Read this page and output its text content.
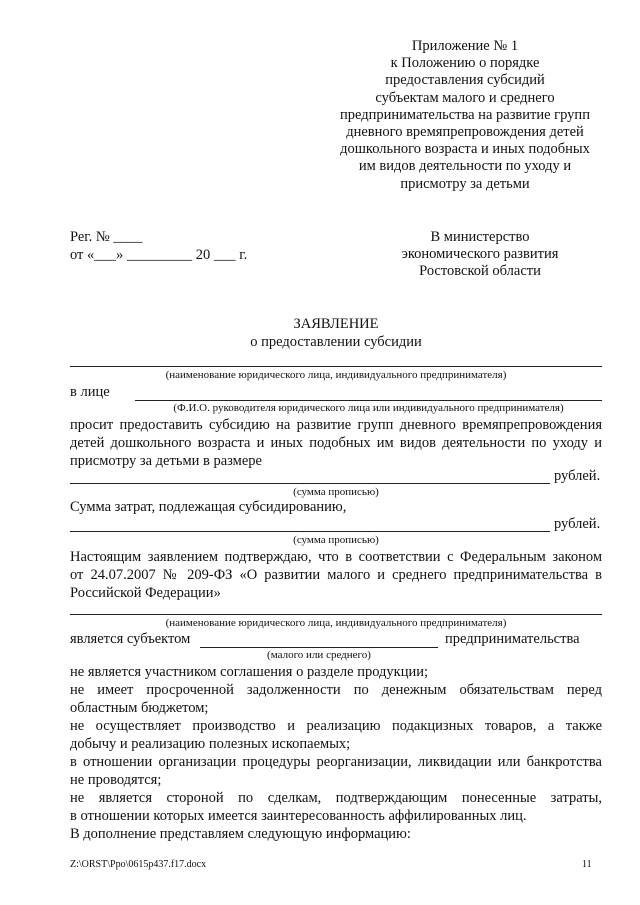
Приложение № 1
к Положению о порядке
предоставления субсидий
субъектам малого и среднего
предпринимательства на развитие групп
дневного времяпрепровождения детей
дошкольного возраста и иных подобных
им видов деятельности по уходу и
присмотру за детьми
Рег. № ____
от «___» _________ 20 ___ г.
В министерство
экономического развития
Ростовской области
ЗАЯВЛЕНИЕ
о предоставлении субсидии
(наименование юридического лица, индивидуального предпринимателя)
в лице
(Ф.И.О. руководителя юридического лица или индивидуального предпринимателя)
просит предоставить субсидию на развитие групп дневного времяпрепровождения
детей дошкольного возраста и иных подобных им видов деятельности по уходу и
присмотру за детьми в размере
рублей.
(сумма прописью)
Сумма затрат, подлежащая субсидированию,
рублей.
(сумма прописью)
Настоящим заявлением подтверждаю, что в соответствии с Федеральным законом
от 24.07.2007 № 209-ФЗ «О развитии малого и среднего предпринимательства в
Российской Федерации»
(наименование юридического лица, индивидуального предпринимателя)
является субъектом	предпринимательства
(малого или среднего)
не является участником соглашения о разделе продукции;
не имеет просроченной задолженности по денежным обязательствам перед
областным бюджетом;
не осуществляет производство и реализацию подакцизных товаров, а также
добычу и реализацию полезных ископаемых;
в отношении организации процедуры реорганизации, ликвидации или банкротства
не проводятся;
не является стороной по сделкам, подтверждающим понесенные затраты,
в отношении которых имеется заинтересованность аффилированных лиц.
В дополнение представляем следующую информацию:
Z:\ORST\Ppo\0615p437.f17.docx	11
